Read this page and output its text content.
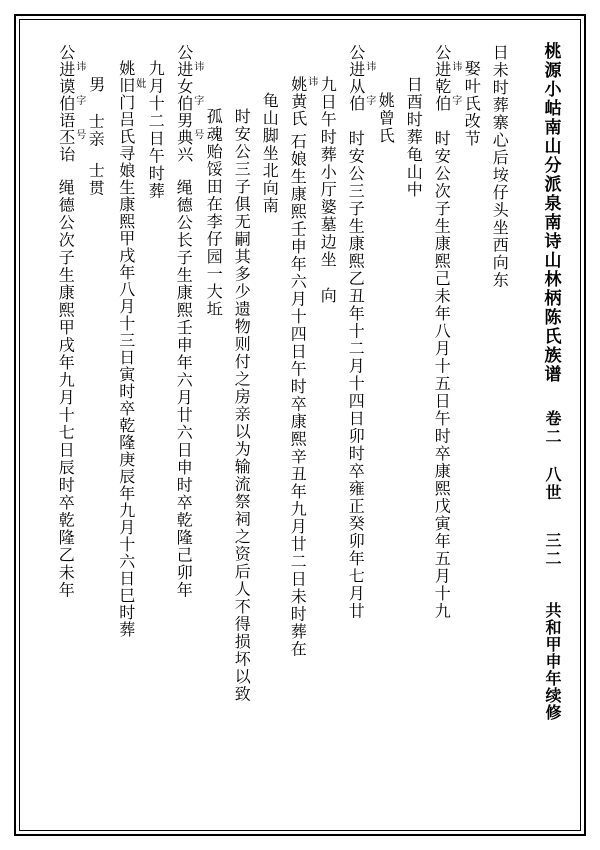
桃源小岵南山分派泉南诗山林柄陈氏族谱
卷二
八世
三二
共和甲申年续修
日未时葬寨心后垵仔头坐西向东
娶叶氏改节
公
进乾 讳
伯 字
时安公次子生康熙己未年八月十五日午时卒康熙戊寅年五月十九
日酉时葬龟山中
姚曾氏
公
进从 讳
伯 字
时安公三子生康熙乙丑年十二月十四日卯时卒雍正癸卯年七月廿
九日午时葬小厅婆墓边坐 向
姚黄氏 讳
石娘生康熙壬申年六月十四日午时卒康熙辛丑年九月廿二日未时葬在
龟山脚坐北向南
时安公三子俱无嗣其多少遗物则付之房亲以为输流祭祠之资后人不得损坏以致
孤魂贻馁田在李仔园一大坵
公
进女 讳
伯男 字
典兴 号
绳德公长子生康熙壬申年六月廿六日申时卒乾隆己卯年
九月十二日午时葬
姚旧门吕氏寻娘生康熙甲戌年八月十三日寅时卒乾隆庚辰年九月十六日巳时葬 妣
男
士亲
士贯
公
进谟 讳
伯语 字
丕诒 号
绳德公次子生康熙甲戌年九月十七日辰时卒乾隆乙未年
